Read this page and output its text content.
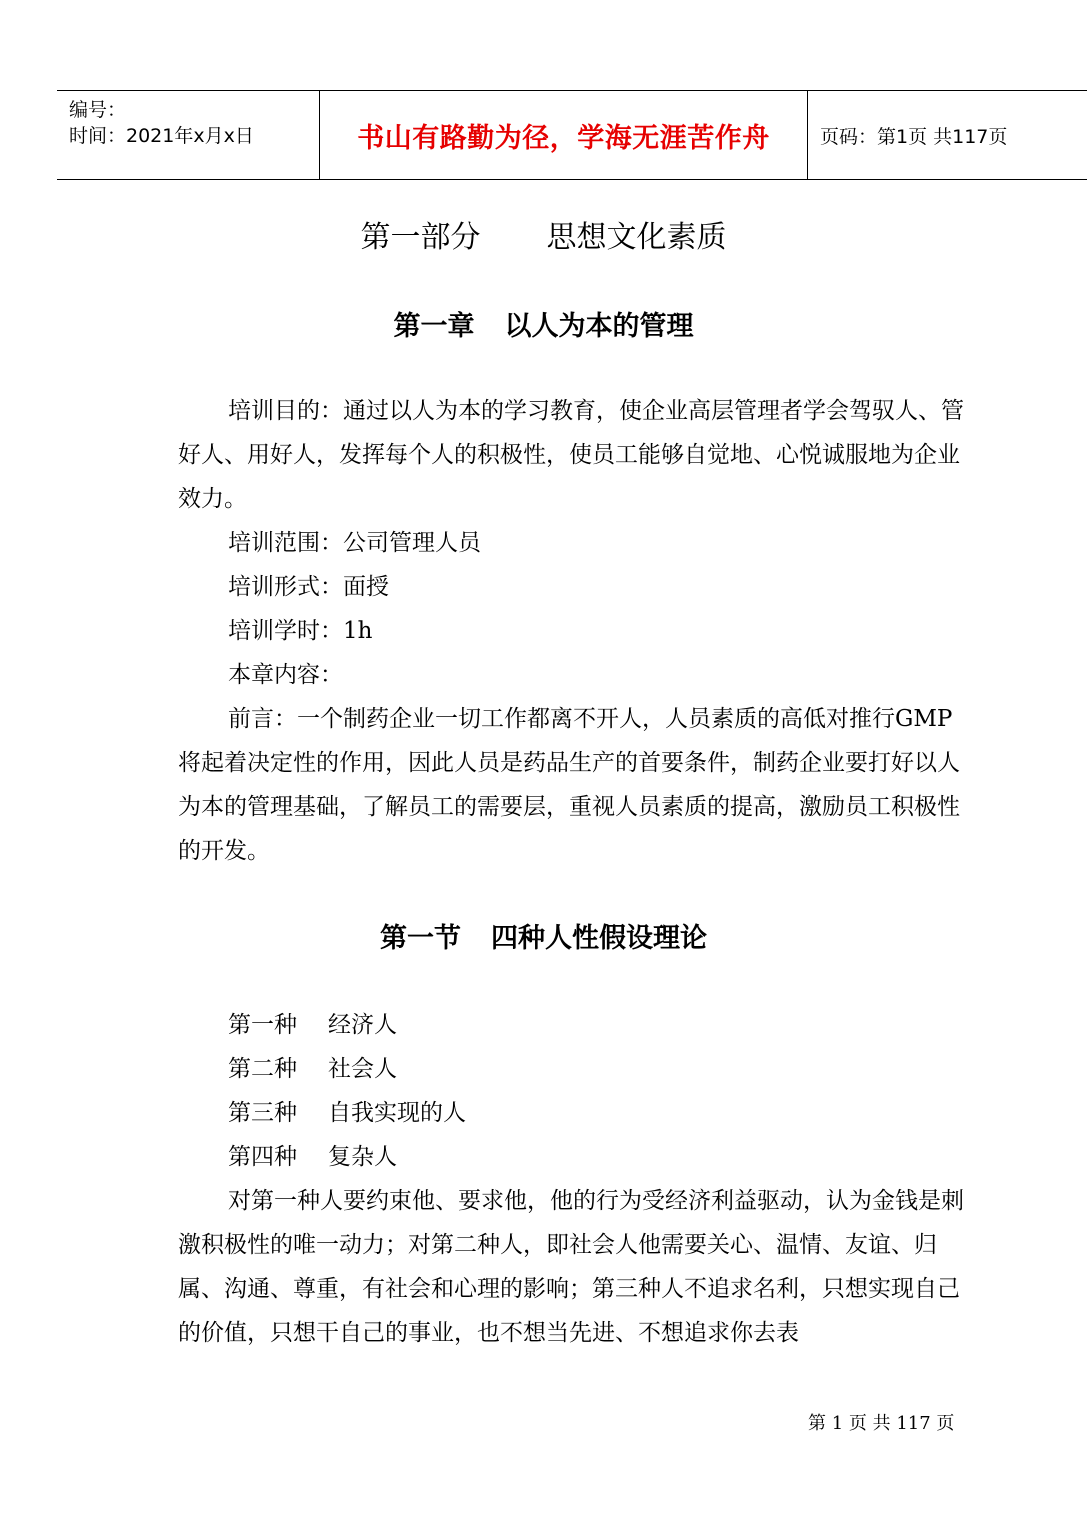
编号：
时间：2021年x月x日	书山有路勤为径，学海无涯苦作舟	页码：第1页 共117页
第一部分 思想文化素质
第一章 以人为本的管理
培训目的：通过以人为本的学习教育，使企业高层管理者学会驾驭人、管好人、用好人，发挥每个人的积极性，使员工能够自觉地、心悦诚服地为企业效力。
培训范围：公司管理人员
培训形式：面授
培训学时：1h
本章内容：
前言：一个制药企业一切工作都离不开人，人员素质的高低对推行GMP将起着决定性的作用，因此人员是药品生产的首要条件，制药企业要打好以人为本的管理基础，了解员工的需要层，重视人员素质的提高，激励员工积极性的开发。
第一节 四种人性假设理论
第一种 经济人
第二种 社会人
第三种 自我实现的人
第四种 复杂人
对第一种人要约束他、要求他，他的行为受经济利益驱动，认为金钱是刺激积极性的唯一动力；对第二种人，即社会人他需要关心、温情、友谊、归属、沟通、尊重，有社会和心理的影响；第三种人不追求名利，只想实现自己的价值，只想干自己的事业，也不想当先进、不想追求你去表
第 1 页 共 117 页
